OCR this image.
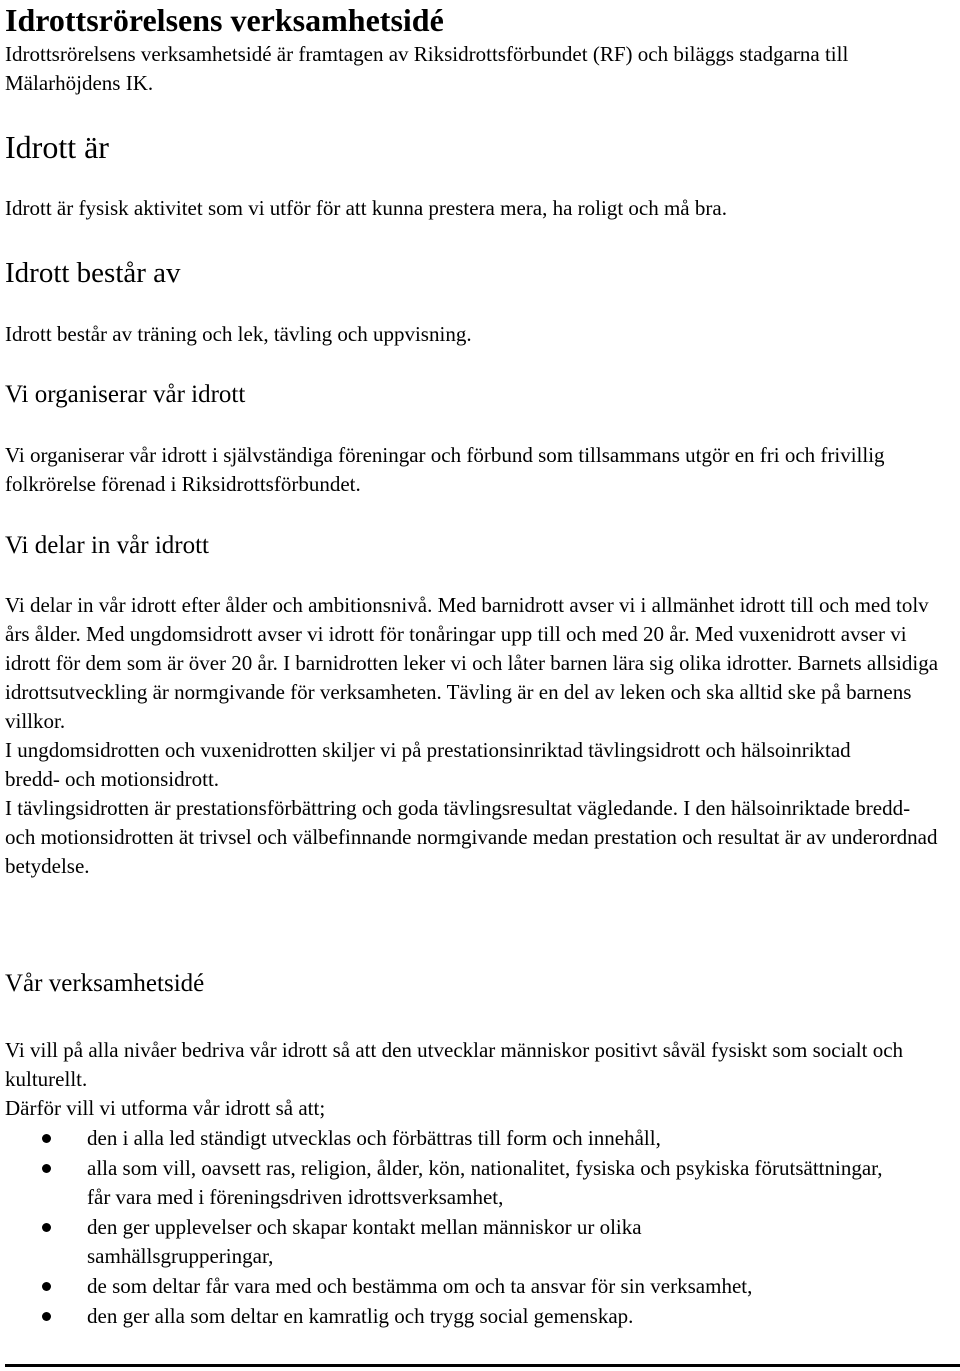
Idrottsrörelsens verksamhetsidé

Idrottsrörelsens verksamhetsidé är framtagen av Riksidrottsförbundet (RF) och biläggs stadgarna till Mälarhöjdens IK.

Idrott är

Idrott är fysisk aktivitet som vi utför för att kunna prestera mera, ha roligt och må bra.

Idrott består av

Idrott består av träning och lek, tävling och uppvisning.

Vi organiserar vår idrott

Vi organiserar vår idrott i självständiga föreningar och förbund som tillsammans utgör en fri och frivillig folkrörelse förenad i Riksidrottsförbundet.

Vi delar in vår idrott

Vi delar in vår idrott efter ålder och ambitionsnivå. Med barnidrott avser vi i allmänhet idrott till och med tolv års ålder. Med ungdomsidrott avser vi idrott för tonåringar upp till och med 20 år. Med vuxenidrott avser vi idrott för dem som är över 20 år. I barnidrotten leker vi och låter barnen lära sig olika idrotter. Barnets allsidiga idrottsutveckling är normgivande för verksamheten. Tävling är en del av leken och ska alltid ske på barnens villkor.

I ungdomsidrotten och vuxenidrotten skiljer vi på prestationsinriktad tävlingsidrott och hälsoinriktad bredd- och motionsidrott.

I tävlingsidrotten är prestationsförbättring och goda tävlingsresultat vägledande. I den hälsoinriktade bredd- och motionsidrotten ät trivsel och välbefinnande normgivande medan prestation och resultat är av underordnad betydelse.

Vår verksamhetsidé

Vi vill på alla nivåer bedriva vår idrott så att den utvecklar människor positivt såväl fysiskt som socialt och kulturellt.

Därför vill vi utforma vår idrott så att;

den i alla led ständigt utvecklas och förbättras till form och innehåll,
alla som vill, oavsett ras, religion, ålder, kön, nationalitet, fysiska och psykiska förutsättningar, får vara med i föreningsdriven idrottsverksamhet,
den ger upplevelser och skapar kontakt mellan människor ur olika samhällsgrupperingar,
de som deltar får vara med och bestämma om och ta ansvar för sin verksamhet,
den ger alla som deltar en kamratlig och trygg social gemenskap.
